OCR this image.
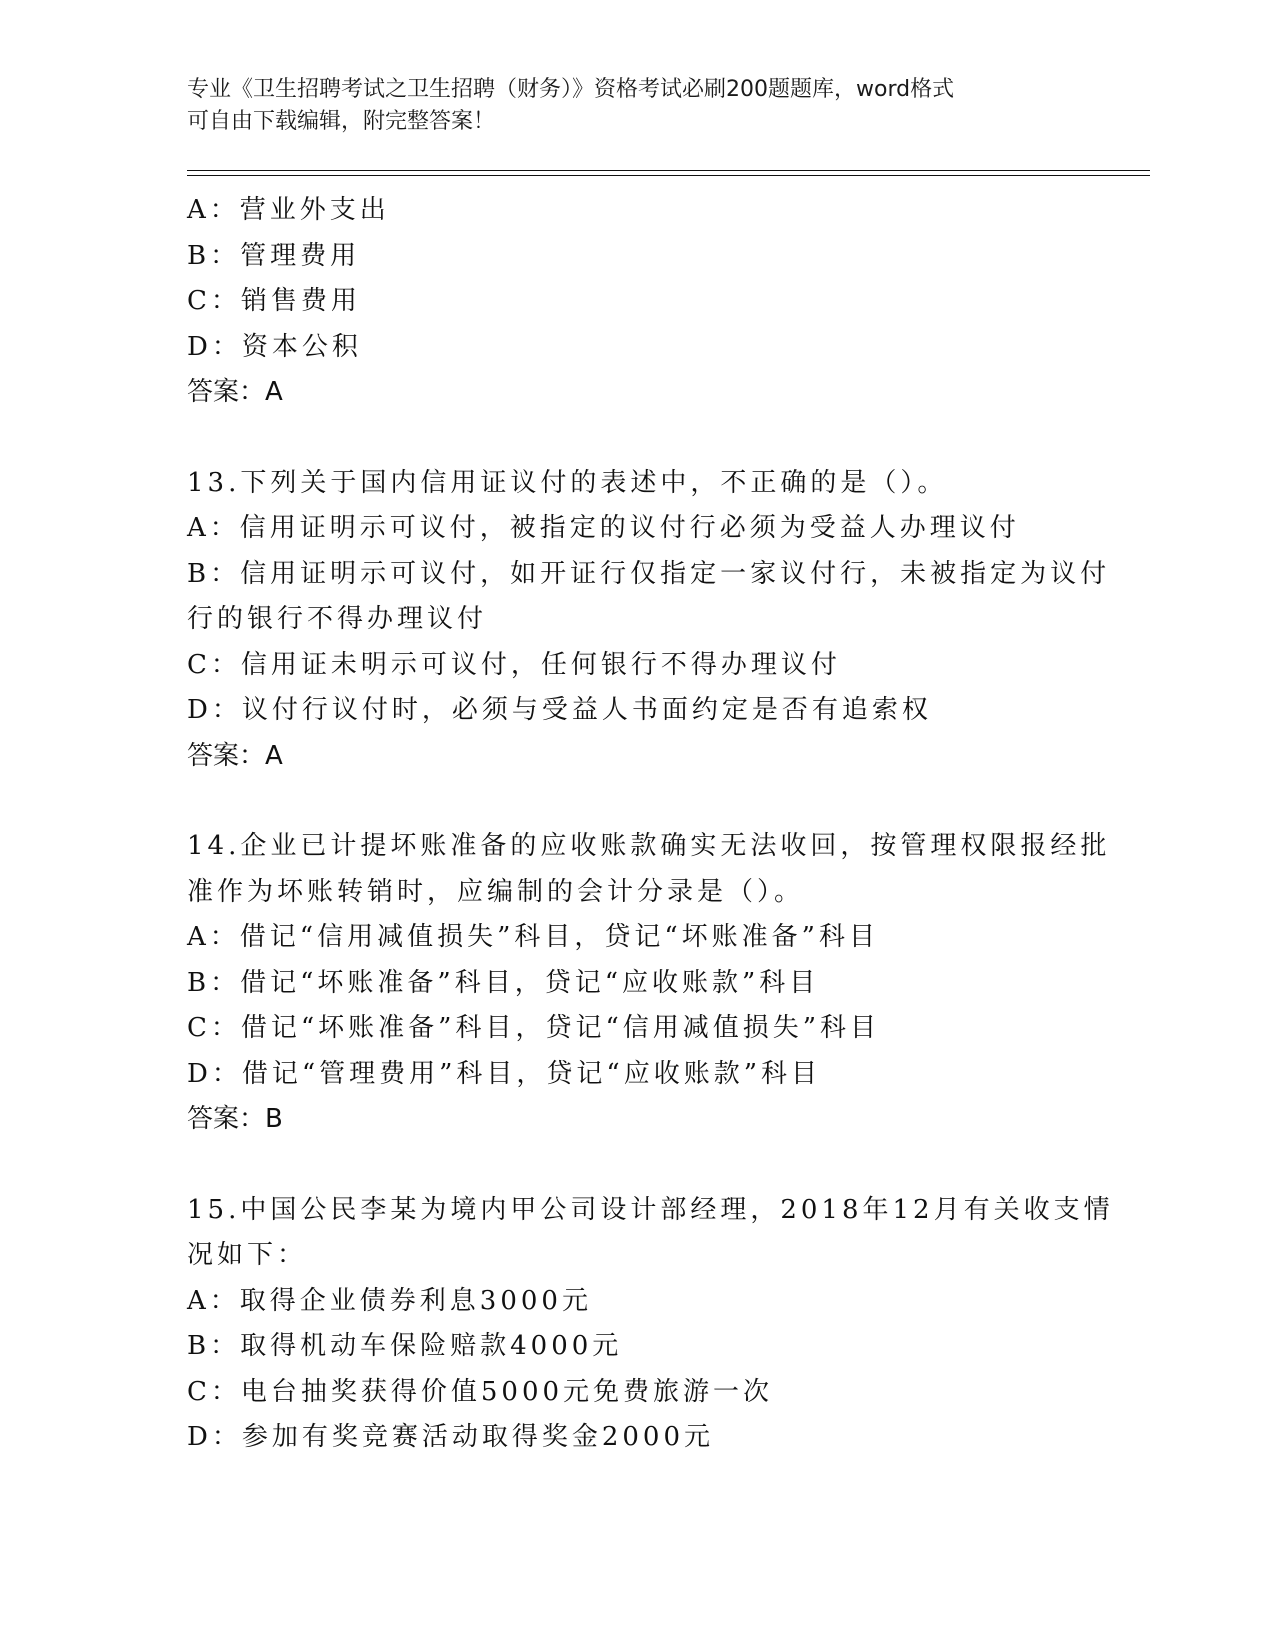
专业《卫生招聘考试之卫生招聘（财务）》资格考试必刷200题题库，word格式
可自由下载编辑，附完整答案！
A：营业外支出
B：管理费用
C：销售费用
D：资本公积
答案：A
13.下列关于国内信用证议付的表述中，不正确的是（）。
A：信用证明示可议付，被指定的议付行必须为受益人办理议付
B：信用证明示可议付，如开证行仅指定一家议付行，未被指定为议付
行的银行不得办理议付
C：信用证未明示可议付，任何银行不得办理议付
D：议付行议付时，必须与受益人书面约定是否有追索权
答案：A
14.企业已计提坏账准备的应收账款确实无法收回，按管理权限报经批
准作为坏账转销时，应编制的会计分录是（）。
A：借记“信用减值损失”科目，贷记“坏账准备”科目
B：借记“坏账准备”科目，贷记“应收账款”科目
C：借记“坏账准备”科目，贷记“信用减值损失”科目
D：借记“管理费用”科目，贷记“应收账款”科目
答案：B
15.中国公民李某为境内甲公司设计部经理，2018年12月有关收支情
况如下：
A：取得企业债券利息3000元
B：取得机动车保险赔款4000元
C：电台抽奖获得价值5000元免费旅游一次
D：参加有奖竞赛活动取得奖金2000元
